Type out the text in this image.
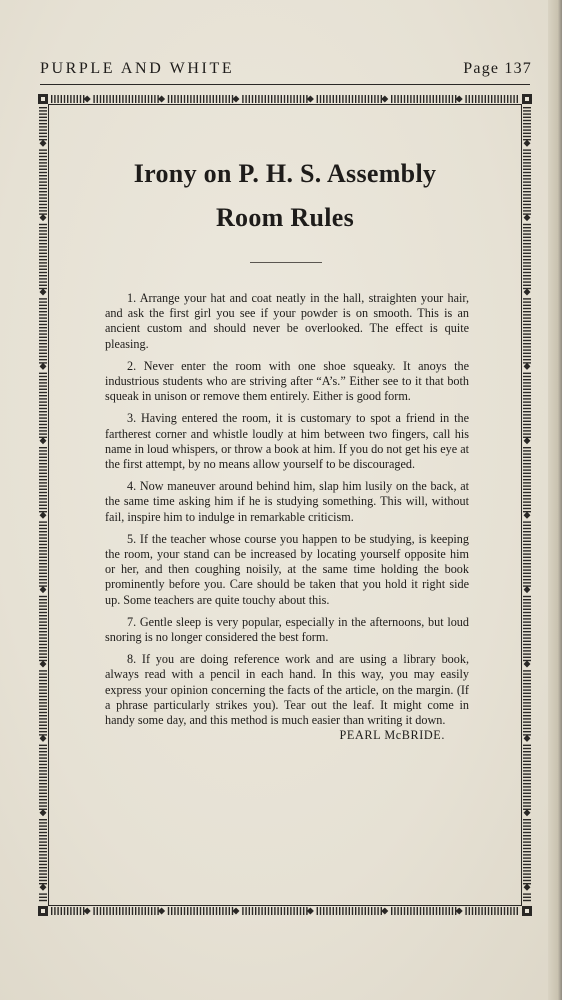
PURPLE AND WHITE	Page 137
Irony on P. H. S. Assembly
Room Rules

1. Arrange your hat and coat neatly in the hall, straighten your hair, and ask the first girl you see if your powder is on smooth. This is an ancient custom and should never be overlooked. The effect is quite pleasing.

2. Never enter the room with one shoe squeaky. It anoys the industrious students who are striving after “A’s.” Either see to it that both squeak in unison or remove them entirely. Either is good form.

3. Having entered the room, it is customary to spot a friend in the fartherest corner and whistle loudly at him between two fingers, call his name in loud whispers, or throw a book at him. If you do not get his eye at the first attempt, by no means allow yourself to be discouraged.

4. Now maneuver around behind him, slap him lusily on the back, at the same time asking him if he is studying something. This will, without fail, inspire him to indulge in remarkable criticism.

5. If the teacher whose course you happen to be studying, is keeping the room, your stand can be increased by locating yourself opposite him or her, and then coughing noisily, at the same time holding the book prominently before you. Care should be taken that you hold it right side up. Some teachers are quite touchy about this.

7. Gentle sleep is very popular, especially in the afternoons, but loud snoring is no longer considered the best form.

8. If you are doing reference work and are using a library book, always read with a pencil in each hand. In this way, you may easily express your opinion concerning the facts of the article, on the margin. (If a phrase particularly strikes you). Tear out the leaf. It might come in handy some day, and this method is much easier than writing it down.
PEARL McBRIDE.
